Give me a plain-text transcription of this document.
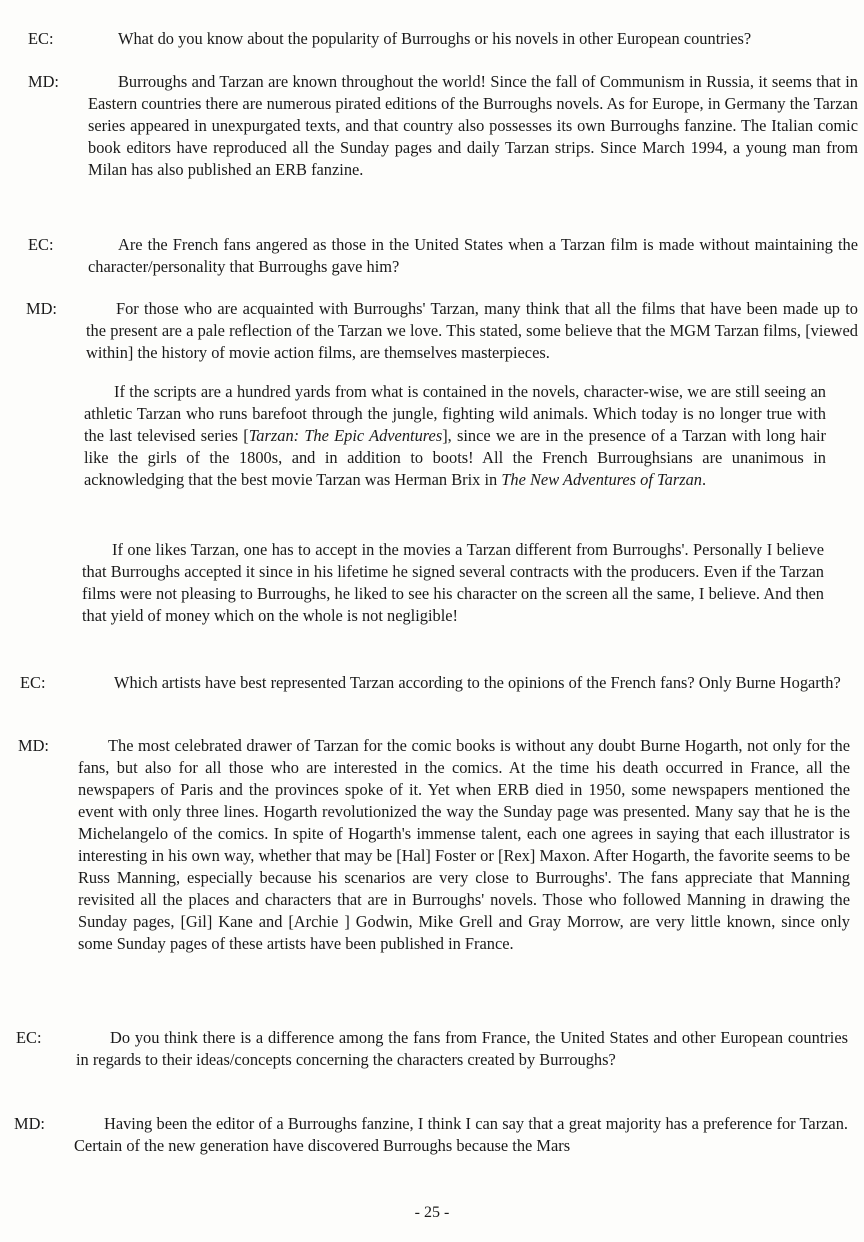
EC:	What do you know about the popularity of Burroughs or his novels in other European countries?

MD:	Burroughs and Tarzan are known throughout the world! Since the fall of Communism in Russia, it seems that in Eastern countries there are numerous pirated editions of the Burroughs novels. As for Europe, in Germany the Tarzan series appeared in unexpurgated texts, and that country also possesses its own Burroughs fanzine. The Italian comic book editors have reproduced all the Sunday pages and daily Tarzan strips. Since March 1994, a young man from Milan has also published an ERB fanzine.

EC:	Are the French fans angered as those in the United States when a Tarzan film is made without maintaining the character/personality that Burroughs gave him?

MD:	For those who are acquainted with Burroughs' Tarzan, many think that all the films that have been made up to the present are a pale reflection of the Tarzan we love. This stated, some believe that the MGM Tarzan films, [viewed within] the history of movie action films, are themselves masterpieces.

If the scripts are a hundred yards from what is contained in the novels, character-wise, we are still seeing an athletic Tarzan who runs barefoot through the jungle, fighting wild animals. Which today is no longer true with the last televised series [Tarzan: The Epic Adventures], since we are in the presence of a Tarzan with long hair like the girls of the 1800s, and in addition to boots! All the French Burroughsians are unanimous in acknowledging that the best movie Tarzan was Herman Brix in The New Adventures of Tarzan.

If one likes Tarzan, one has to accept in the movies a Tarzan different from Burroughs'. Personally I believe that Burroughs accepted it since in his lifetime he signed several contracts with the producers. Even if the Tarzan films were not pleasing to Burroughs, he liked to see his character on the screen all the same, I believe. And then that yield of money which on the whole is not negligible!

EC:	Which artists have best represented Tarzan according to the opinions of the French fans? Only Burne Hogarth?

MD:	The most celebrated drawer of Tarzan for the comic books is without any doubt Burne Hogarth, not only for the fans, but also for all those who are interested in the comics. At the time his death occurred in France, all the newspapers of Paris and the provinces spoke of it. Yet when ERB died in 1950, some newspapers mentioned the event with only three lines. Hogarth revolutionized the way the Sunday page was presented. Many say that he is the Michelangelo of the comics. In spite of Hogarth's immense talent, each one agrees in saying that each illustrator is interesting in his own way, whether that may be [Hal] Foster or [Rex] Maxon. After Hogarth, the favorite seems to be Russ Manning, especially because his scenarios are very close to Burroughs'. The fans appreciate that Manning revisited all the places and characters that are in Burroughs' novels. Those who followed Manning in drawing the Sunday pages, [Gil] Kane and [Archie ] Godwin, Mike Grell and Gray Morrow, are very little known, since only some Sunday pages of these artists have been published in France.

EC:	Do you think there is a difference among the fans from France, the United States and other European countries in regards to their ideas/concepts concerning the characters created by Burroughs?

MD:	Having been the editor of a Burroughs fanzine, I think I can say that a great majority has a preference for Tarzan. Certain of the new generation have discovered Burroughs because the Mars

- 25 -
